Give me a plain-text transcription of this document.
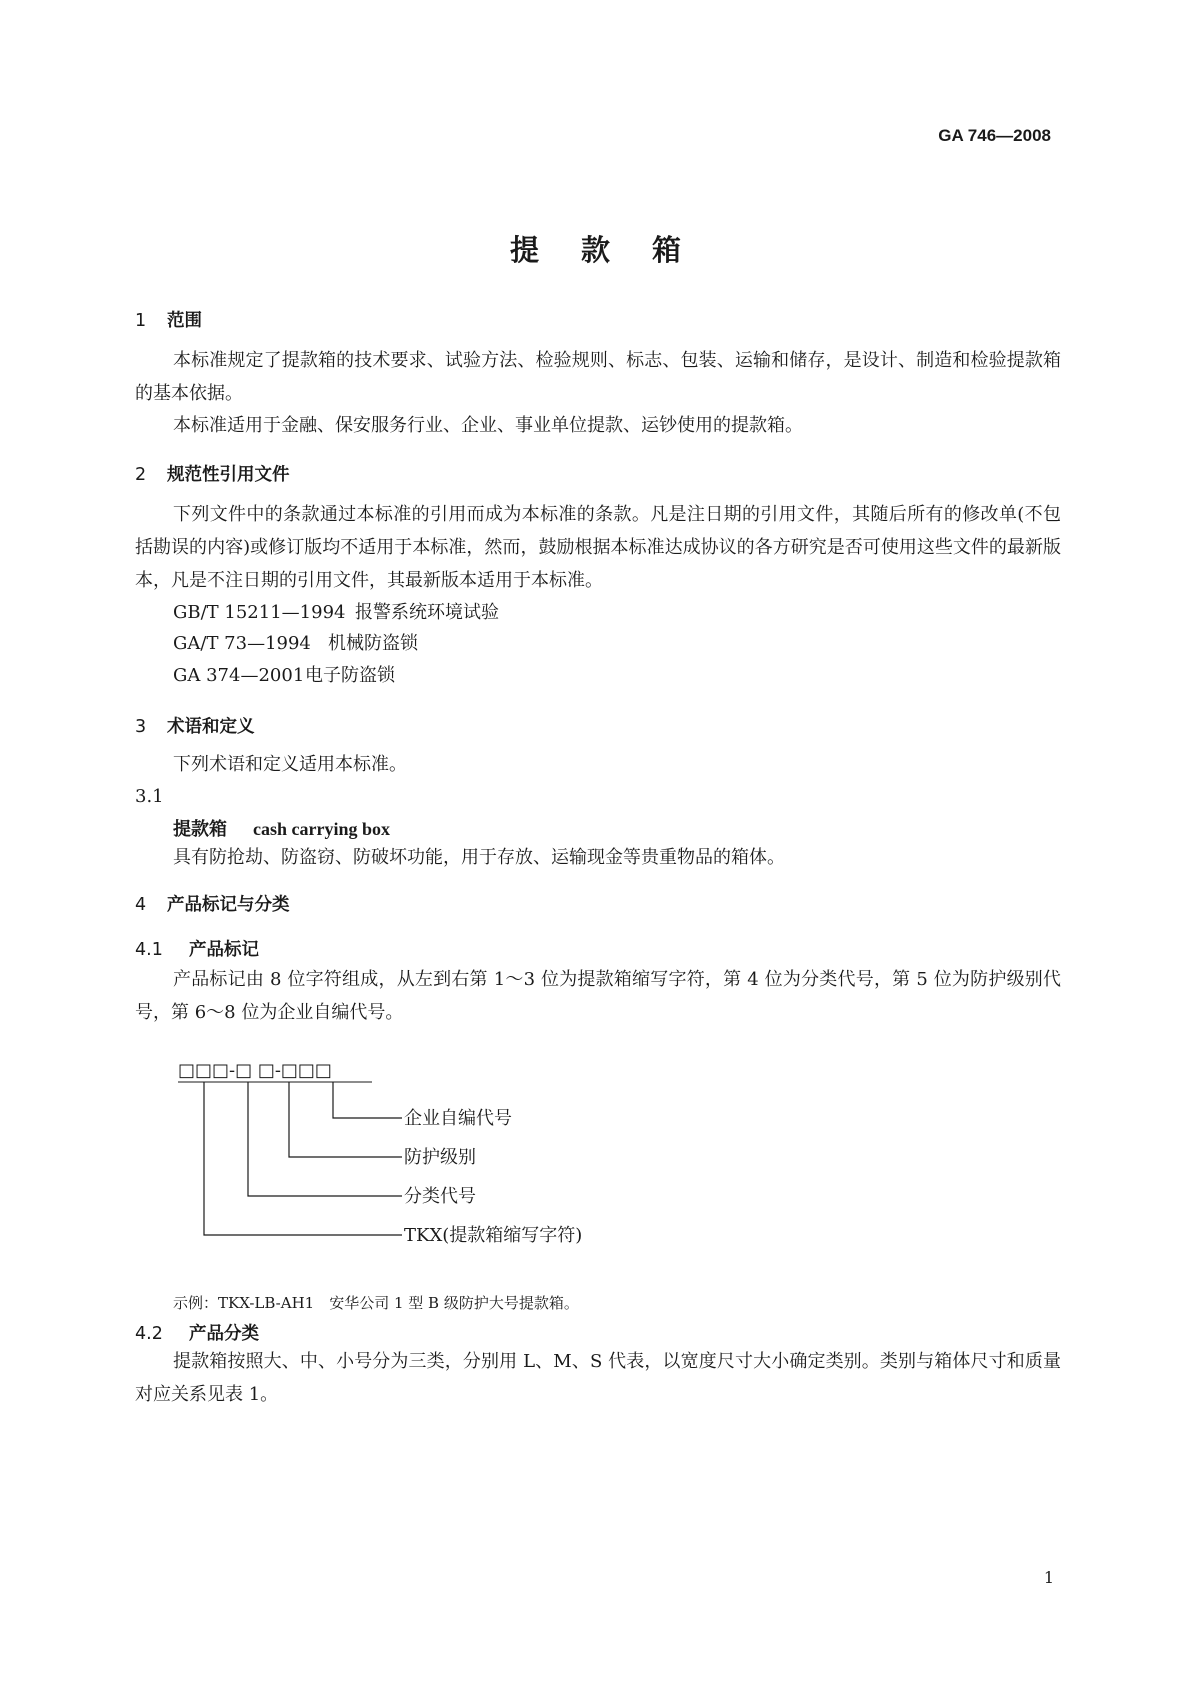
GA 746—2008
提款箱
1 范围
本标准规定了提款箱的技术要求、试验方法、检验规则、标志、包装、运输和储存，是设计、制造和检验提款箱的基本依据。
本标准适用于金融、保安服务行业、企业、事业单位提款、运钞使用的提款箱。
2 规范性引用文件
下列文件中的条款通过本标准的引用而成为本标准的条款。凡是注日期的引用文件，其随后所有的修改单(不包括勘误的内容)或修订版均不适用于本标准，然而，鼓励根据本标准达成协议的各方研究是否可使用这些文件的最新版本，凡是不注日期的引用文件，其最新版本适用于本标准。
GB/T 15211—1994 报警系统环境试验
GA/T 73—1994 机械防盗锁
GA 374—2001电子防盗锁
3 术语和定义
下列术语和定义适用本标准。
3.1
提款箱 cash carrying box
具有防抢劫、防盗窃、防破坏功能，用于存放、运输现金等贵重物品的箱体。
4 产品标记与分类
4.1 产品标记
产品标记由 8 位字符组成，从左到右第 1～3 位为提款箱缩写字符，第 4 位为分类代号，第 5 位为防护级别代号，第 6～8 位为企业自编代号。
□□□-□ □-□□□
企业自编代号
防护级别
分类代号
TKX(提款箱缩写字符)
示例：TKX-LB-AH1　安华公司 1 型 B 级防护大号提款箱。
4.2 产品分类
提款箱按照大、中、小号分为三类，分别用 L、M、S 代表，以宽度尺寸大小确定类别。类别与箱体尺寸和质量对应关系见表 1。
1
